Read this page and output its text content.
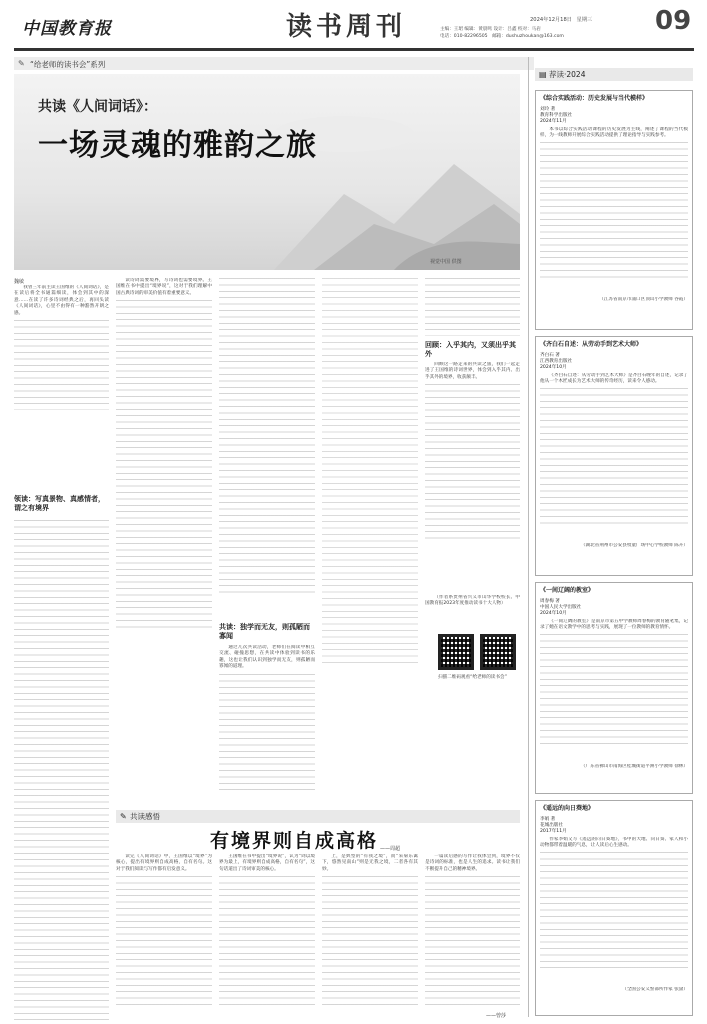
中国教育报	读书周刊	2024年12月18日 星期三 09
主编：王珺 编辑：黄晨鸣 设计：吕鑫 校对：马岩
电话：010-82296505 邮箱：dushuzhoukan@163.com
✎ “给老师的读书会”系列
共读《人间词话》：
一场灵魂的雅韵之旅
视觉中国 供图
魏敏

我曾三年前主读王国维的《人间词话》，是在读后将全书通篇细读，体会到其中的深意……在读了许多诗词经典之后，再回头读《人间词话》，心里不由得有一种豁然开朗之感。

领读：写真景物、真感情者，谓之有境界

读诗词需要境界，写诗词也需要境界。王国维在书中提出“境界说”，这对于我们理解中国古典诗词的审美价值有着重要意义。

共读：独学而无友，则孤陋而寡闻

通过几次共读活动，老师们在阅读中相互交流、碰撞思想，在共读中体验到读书的乐趣，这也让我们认识到独学而无友，则孤陋而寡闻的道理。

回顾：入乎其内，又须出乎其外

回顾这一路走来的共读之旅，我们一起走进了王国维的诗词世界，体会到入乎其内、出乎其外的境界，收获颇丰。

（作者系贵州省兴义市山华学校校长、中国教育报2023年度推动读书十大人物）
扫描二维码观看“给老师的读书会”
✎ 共读感悟
有境界则自成高格

读完《人间词话》中，王国维以“境界”为核心，提出有境界则自成高格，自有名句。这对于我们阅读与写作都有启发意义。

王国维在书中提出“境界说”，认为“词以境界为最上，有境界则自成高格，自有名句”，这句话道出了诗词审美的核心。

上，是典型的“有我之境”，而“采菊东篱下，悠然见南山”则是无我之境，二者各有其妙。

——周超

一篇读后感的写作让我体会到，境界不仅是诗词的标准，也是人生的追求。读书让我们不断提升自己的精神境界。

——曾莎
▤ 荐读·2024
《综合实践活动：历史发展与当代模样》
刘玲 著
教育科学出版社
2024年11月

本书以综合实践活动课程的历史发展为主线，阐述了课程的当代模样，为一线教师开展综合实践活动提供了理论指导与实践参考。

（江苏省南京市浦口区顶山小学教师 谷霞）
《齐白石自述：从劳动手到艺术大师》
齐白石 著
江西教育出版社
2024年10月

《齐白石自述：从劳动手到艺术大师》是齐白石晚年的自述，记录了他从一个木匠成长为艺术大师的传奇经历，读来令人感动。

（湖北省荆州市公安县牧童广场中心学校教师 陈卉）
《一间辽阔的教室》
周春梅 著
中国人民大学出版社
2024年10月

《一间辽阔的教室》是南京市第五中学教师周春梅的教育随笔集，记录了她在语文教学中的思考与实践，展现了一位教师的教育情怀。

（广东省佛山市南海区桂城街道平洲小学教师 徐林）
《遥远的向日葵地》
李娟 著
花城出版社
2017年11月

作家李娟又写《遥远的向日葵地》，书中的大地、向日葵、家人和小动物都带着温暖的气息，让人读后心生感动。

（全国公安义警部所作家 张黛）
